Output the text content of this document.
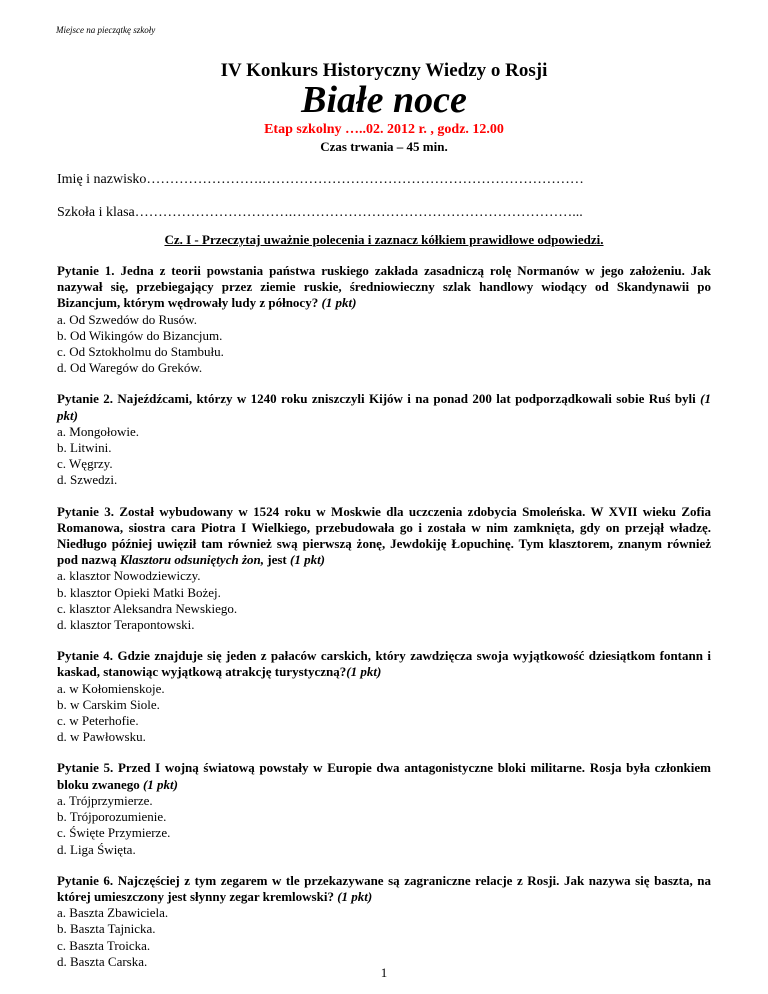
Miejsce na pieczątkę szkoły
IV Konkurs Historyczny Wiedzy o Rosji
Białe noce
Etap szkolny …..02. 2012 r. , godz. 12.00
Czas trwania – 45 min.
Imię i nazwisko…………………….……………………………………………………………
Szkoła i klasa…………………………….……………………………………………………...
Cz. I - Przeczytaj uważnie polecenia i zaznacz kółkiem prawidłowe odpowiedzi.
Pytanie 1. Jedna z teorii powstania państwa ruskiego zakłada zasadniczą rolę Normanów w jego założeniu. Jak nazywał się, przebiegający przez ziemie ruskie, średniowieczny szlak handlowy wiodący od Skandynawii po Bizancjum, którym wędrowały ludy z północy? (1 pkt)
a. Od Szwedów do Rusów.
b. Od Wikingów do Bizancjum.
c. Od Sztokholmu do Stambułu.
d. Od Waregów do Greków.
Pytanie 2. Najeźdźcami, którzy w 1240 roku zniszczyli Kijów i na ponad 200 lat podporządkowali sobie Ruś byli (1 pkt)
a. Mongołowie.
b. Litwini.
c. Węgrzy.
d. Szwedzi.
Pytanie 3. Został wybudowany w 1524 roku w Moskwie dla uczczenia zdobycia Smoleńska. W XVII wieku Zofia Romanowa, siostra cara Piotra I Wielkiego, przebudowała go i została w nim zamknięta, gdy on przejął władzę. Niedługo później uwięził tam również swą pierwszą żonę, Jewdokiję Łopuchinę. Tym klasztorem, znanym również pod nazwą Klasztoru odsuniętych żon, jest (1 pkt)
a. klasztor Nowodziewiczy.
b. klasztor Opieki Matki Bożej.
c. klasztor Aleksandra Newskiego.
d. klasztor Terapontowski.
Pytanie 4. Gdzie znajduje się jeden z pałaców carskich, który zawdzięcza swoja wyjątkowość dziesiątkom fontann i kaskad, stanowiąc wyjątkową atrakcję turystyczną?(1 pkt)
a. w Kołomienskoje.
b. w Carskim Siole.
c. w Peterhofie.
d. w Pawłowsku.
Pytanie 5. Przed I wojną światową powstały w Europie dwa antagonistyczne bloki militarne. Rosja była członkiem bloku zwanego (1 pkt)
a. Trójprzymierze.
b. Trójporozumienie.
c. Święte Przymierze.
d. Liga Święta.
Pytanie 6. Najczęściej z tym zegarem w tle przekazywane są zagraniczne relacje z Rosji. Jak nazywa się baszta, na której umieszczony jest słynny zegar kremlowski? (1 pkt)
a. Baszta Zbawiciela.
b. Baszta Tajnicka.
c. Baszta Troicka.
d. Baszta Carska.
1
